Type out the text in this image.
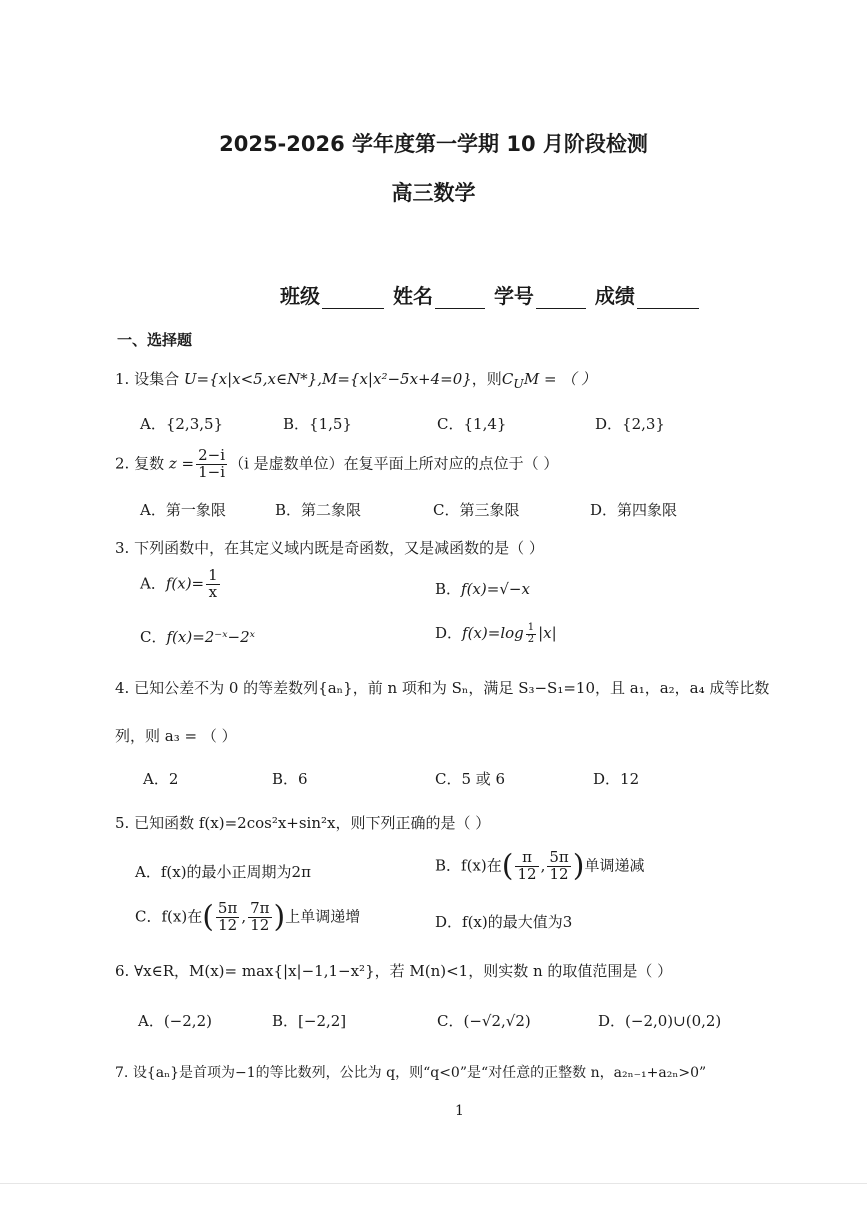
2025-2026 学年度第一学期 10 月阶段检测
高三数学
班级	姓名	学号	成绩
一、选择题
1. 设集合 U={x|x<5,x∈N*},M={x|x²−5x+4=0}，则$C_UM$ = （ ）
A．{2,3,5}	B．{1,5}	C．{1,4}	D．{2,3}
2. 复数 $z = \frac{2-i}{1-i} (i$ 是虚数单位）在复平面上所对应的点位于（ ）
A．第一象限	B．第二象限	C．第三象限	D．第四象限
3. 下列函数中，在其定义域内既是奇函数，又是减函数的是（ ）
A．$f(x)= \frac{1}{x}$	B．f(x)=√−x
C．f(x)=2⁻ˣ−2ˣ	D．$f(x)=\log \frac{1}{2} |x|$
4. 已知公差不为 0 的等差数列{aₙ}，前 n 项和为 Sₙ，满足 S₃−S₁=10，且 a₁，a₂，a₄ 成等比数
列，则 a₃ = （ ）
A．2	B．6	C．5 或 6	D．12
5. 已知函数 f(x)=2cos²x+sin²x，则下列正确的是（ ）
A．f(x)的最小正周期为2π	B．f(x)在( $\frac{\pi}{12}$ , $\frac{5\pi}{12}$ )单调递减
C．f(x)在( $\frac{5\pi}{12}$ , $\frac{7\pi}{12}$ )上单调递增	D．f(x)的最大值为3
6. ∀x∈R，M(x)= max{|x|−1,1−x²}，若 M(n)<1，则实数 n 的取值范围是（ ）
A．(−2,2)	B．[−2,2]	C．(−√2,√2)	D．(−2,0)∪(0,2)
7. 设{aₙ}是首项为−1的等比数列，公比为 q，则“q<0”是“对任意的正整数 n，a₂ₙ₋₁+a₂ₙ>0”
1
